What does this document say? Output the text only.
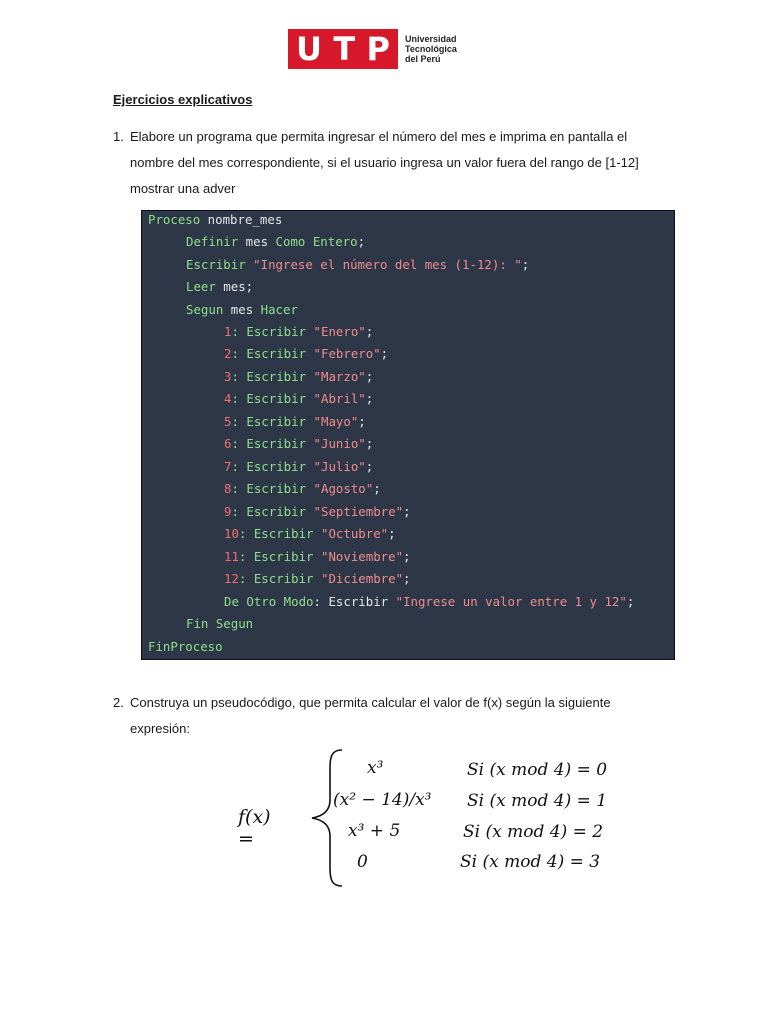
U T P Universidad
Tecnológica
del Perú
Ejercicios explicativos
1. Elabore un programa que permita ingresar el número del mes e imprima en pantalla el nombre del mes correspondiente, si el usuario ingresa un valor fuera del rango de [1-12] mostrar una adver
Proceso nombre_mes
Definir mes Como Entero;
Escribir "Ingrese el número del mes (1-12): ";
Leer mes;
Segun mes Hacer
1: Escribir "Enero";
2: Escribir "Febrero";
3: Escribir "Marzo";
4: Escribir "Abril";
5: Escribir "Mayo";
6: Escribir "Junio";
7: Escribir "Julio";
8: Escribir "Agosto";
9: Escribir "Septiembre";
10: Escribir "Octubre";
11: Escribir "Noviembre";
12: Escribir "Diciembre";
De Otro Modo: Escribir "Ingrese un valor entre 1 y 12";
Fin Segun
FinProceso
2. Construya un pseudocódigo, que permita calcular el valor de f(x) según la siguiente expresión:
f(x) =
x³	Si (x mod 4) = 0
(x² − 14)/x³ Si (x mod 4) = 1
x³ + 5	Si (x mod 4) = 2
0	Si (x mod 4) = 3
